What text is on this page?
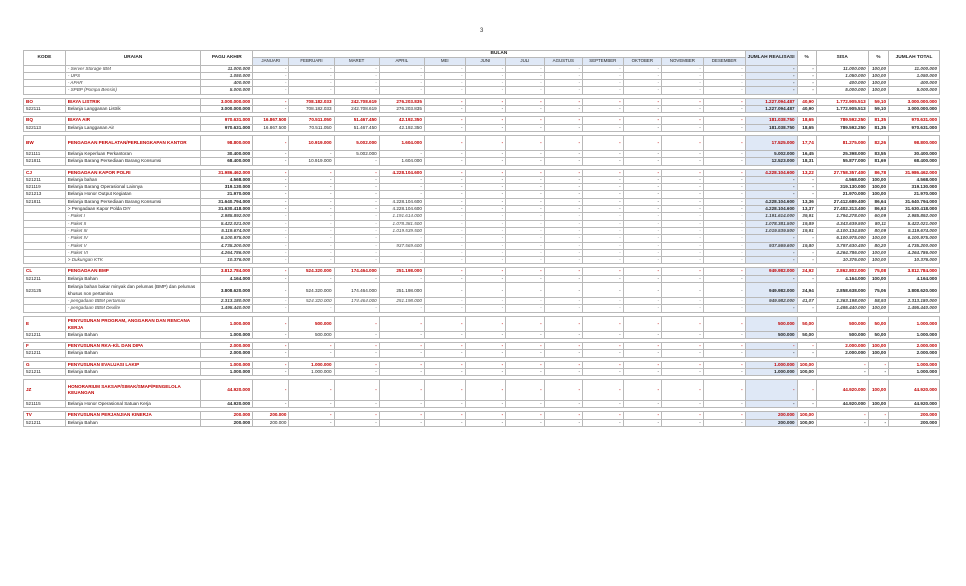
3
KODE	URAIAN	PAGU AKHIR	BULAN												JUMLAH REALISASI	%	SISA	%	JUMLAH TOTAL
			JANUARI	FEBRUARI	MARET	APRIL	MEI	JUNI	JULI	AGUSTUS	SEPTEMBER	OKTOBER	NOVEMBER	DESEMBER					
	- Server Storage IBM	11.000.000	-	-	-	-	-	-	-	-	-	-	-	-	-	-	11.000.000	100,00	11.000.000
	- UPS	1.050.000	-	-	-	-	-	-	-	-	-	-	-	-	-	-	1.050.000	100,00	1.050.000
	- APAR	400.000	-	-	-	-	-	-	-	-	-	-	-	-	-	-	400.000	100,00	400.000
	- SPBP (Pompa Bensin)	5.000.000	-	-	-	-	-	-	-	-	-	-	-	-	-	-	5.000.000	100,00	5.000.000

BO	BIAYA LISTRIK	3.000.000.000	-	708.182.033	242.708.619	276.203.835	-	-	-	-	-	-	-	-	1.227.094.487	40,90	1.772.905.513	59,10	3.000.000.000
522111	Belanja Langganan Listrik	3.000.000.000	-	708.182.033	242.708.619	276.203.835	-	-	-	-	-	-	-	-	1.227.094.487	40,90	1.772.905.513	59,10	3.000.000.000

BQ	BIAYA AIR	970.631.000	16.867.500	70.511.050	51.467.450	42.192.350	-	-	-	-	-	-	-	-	181.038.750	18,65	789.592.250	81,35	970.631.000
522113	Belanja Langganan Air	970.631.000	16.867.500	70.511.050	51.467.450	42.192.350	-	-	-	-	-	-	-	-	181.038.750	18,65	789.592.250	81,35	970.631.000

BW	PENGADAAN PERALATAN/PERLENGKAPAN KANTOR	98.800.000	-	10.919.000	5.002.000	1.604.000	-	-	-	-	-	-	-	-	17.525.000	17,74	81.275.000	82,26	98.800.000
521111	Belanja Keperluan Perkantoran	30.400.000	-	-	5.002.000	-	-	-	-	-	-	-	-	-	5.002.000	16,45	25.398.000	83,55	30.400.000
521811	Belanja Barang Persediaan Barang Konsumsi	68.400.000	-	10.919.000	-	1.604.000	-	-	-	-	-	-	-	-	12.523.000	18,31	55.877.000	81,69	68.400.000

CJ	PENGADAAN KAPOR POLRI	31.986.462.000	-	-	-	4.228.104.600	-	-	-	-	-	-	-	-	4.228.104.600	13,22	27.758.357.400	86,78	31.986.462.000
521211	Belanja bahan	4.568.000	-	-	-	-	-	-	-	-	-	-	-	-	-	-	4.568.000	100,00	4.568.000
521119	Belanja Barang Operasional Lainnya	319.130.000	-	-	-	-	-	-	-	-	-	-	-	-	-	-	319.130.000	100,00	319.130.000
521213	Belanja Honor Output Kegiatan	21.970.000	-	-	-	-	-	-	-	-	-	-	-	-	-	-	21.970.000	100,00	21.970.000
521811	Belanja Barang Persediaan Barang Konsumsi	31.640.794.000	-	-	-	4.228.104.600	-	-	-	-	-	-	-	-	4.228.104.600	13,36	27.412.689.400	86,64	31.640.794.000
	> Pengadaan Kapor Polda DIY	31.630.418.000	-	-	-	4.228.104.600	-	-	-	-	-	-	-	-	4.228.104.600	13,37	27.402.313.400	86,63	31.630.418.000
	- Paket I	2.985.892.000	-	-	-	1.191.614.000	-	-	-	-	-	-	-	-	1.191.614.000	39,91	1.794.278.000	60,09	2.985.892.000
	- Paket II	5.422.021.000	-	-	-	1.078.381.500	-	-	-	-	-	-	-	-	1.078.381.500	19,89	4.343.639.500	80,11	5.422.021.000
	- Paket III	5.119.674.000	-	-	-	1.019.539.500	-	-	-	-	-	-	-	-	1.019.539.500	19,91	4.100.134.500	80,09	5.119.674.000
	- Paket IV	6.100.975.000	-	-	-	-	-	-	-	-	-	-	-	-	-	-	6.100.975.000	100,00	6.100.975.000
	- Paket V	4.735.200.000	-	-	-	937.569.600	-	-	-	-	-	-	-	-	937.569.600	19,80	3.797.630.400	80,20	4.735.200.000
	- Paket VI	4.264.786.000	-	-	-	-	-	-	-	-	-	-	-	-	-	-	4.264.786.000	100,00	4.264.786.000
	> Dukungan KTK	10.376.000	-	-	-	-	-	-	-	-	-	-	-	-	-	-	10.376.000	100,00	10.376.000

CL	PENGADAAN BMP	3.812.784.000	-	524.320.000	174.464.000	251.198.000	-	-	-	-	-	-	-	-	949.982.000	24,92	2.862.802.000	75,08	3.812.784.000
521211	Belanja Bahan	4.164.000	-	-	-	-	-	-	-	-	-	-	-	-	-	-	4.164.000	100,00	4.164.000
523125	Belanja bahan bakar minyak dan pelumas (BMP) dan pelumas khusus non pertamina	3.808.620.000	-	524.320.000	174.464.000	251.198.000	-	-	-	-	-	-	-	-	949.982.000	24,94	2.858.638.000	75,06	3.808.620.000
	- pengadaan BBM pertamax	2.313.180.000	-	524.320.000	174.464.000	251.198.000	-	-	-	-	-	-	-	-	949.982.000	41,07	1.363.198.000	58,93	2.313.180.000
	- pengadaan BBM Dexlite	1.495.440.000	-	-	-	-	-	-	-	-	-	-	-	-	-	-	1.495.440.000	100,00	1.495.440.000

E	PENYUSUNAN PROGRAM, ANGGARAN DAN RENCANA KERJA	1.000.000	-	500.000	-	-	-	-	-	-	-	-	-	-	500.000	50,00	500.000	50,00	1.000.000
521211	Belanja Bahan	1.000.000	-	500.000	-	-	-	-	-	-	-	-	-	-	500.000	50,00	500.000	50,00	1.000.000

F	PENYUSUNAN RKA-K/L DAN DIPA	2.000.000	-	-	-	-	-	-	-	-	-	-	-	-	-	-	2.000.000	100,00	2.000.000
521211	Belanja Bahan	2.000.000	-	-	-	-	-	-	-	-	-	-	-	-	-	-	2.000.000	100,00	2.000.000

G	PENYUSUNAN EVALUASI LAKIP	1.000.000	-	1.000.000	-	-	-	-	-	-	-	-	-	-	1.000.000	100,00	-	-	1.000.000
521211	Belanja Bahan	1.000.000	-	1.000.000	-	-	-	-	-	-	-	-	-	-	1.000.000	100,00	-	-	1.000.000

JZ	HONORARIUM SAKSAP/SIMAK/SMAP/PENGELOLA KEUANGAN	44.920.000	-	-	-	-	-	-	-	-	-	-	-	-	-	-	44.920.000	100,00	44.920.000
521115	Belanja Honor Operasional Satuan Kerja	44.920.000	-	-	-	-	-	-	-	-	-	-	-	-	-	-	44.920.000	100,00	44.920.000

TV	PENYUSUNAN PERJANJIAN KINERJA	200.000	200.000	-	-	-	-	-	-	-	-	-	-	-	200.000	100,00	-	-	200.000
521211	Belanja Bahan	200.000	200.000	-	-	-	-	-	-	-	-	-	-	-	200.000	100,00	-	-	200.000
